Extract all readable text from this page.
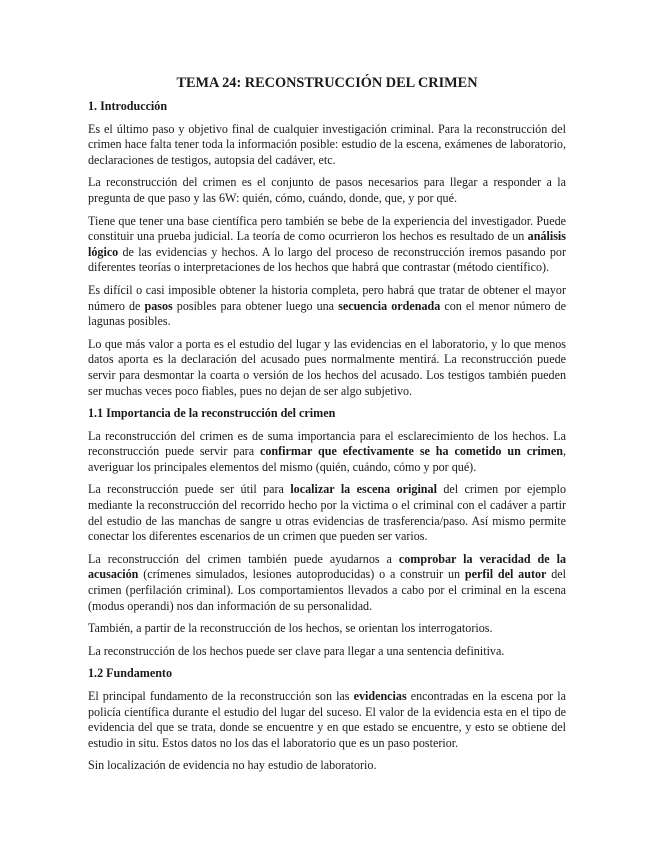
TEMA 24: RECONSTRUCCIÓN DEL CRIMEN
1. Introducción

Es el último paso y objetivo final de cualquier investigación criminal. Para la reconstrucción del crimen hace falta tener toda la información posible: estudio de la escena, exámenes de laboratorio, declaraciones de testigos, autopsia del cadáver, etc.

La reconstrucción del crimen es el conjunto de pasos necesarios para llegar a responder a la pregunta de que paso y las 6W: quién, cómo, cuándo, donde, que, y por qué.

Tiene que tener una base científica pero también se bebe de la experiencia del investigador. Puede constituir una prueba judicial. La teoría de como ocurrieron los hechos es resultado de un análisis lógico de las evidencias y hechos. A lo largo del proceso de reconstrucción iremos pasando por diferentes teorías o interpretaciones de los hechos que habrá que contrastar (método científico).

Es difícil o casi imposible obtener la historia completa, pero habrá que tratar de obtener el mayor número de pasos posibles para obtener luego una secuencia ordenada con el menor número de lagunas posibles.

Lo que más valor a porta es el estudio del lugar y las evidencias en el laboratorio, y lo que menos datos aporta es la declaración del acusado pues normalmente mentirá. La reconstrucción puede servir para desmontar la coarta o versión de los hechos del acusado. Los testigos también pueden ser muchas veces poco fiables, pues no dejan de ser algo subjetivo.

1.1 Importancia de la reconstrucción del crimen

La reconstrucción del crimen es de suma importancia para el esclarecimiento de los hechos. La reconstrucción puede servir para confirmar que efectivamente se ha cometido un crimen, averiguar los principales elementos del mismo (quién, cuándo, cómo y por qué).

La reconstrucción puede ser útil para localizar la escena original del crimen por ejemplo mediante la reconstrucción del recorrido hecho por la victima o el criminal con el cadáver a partir del estudio de las manchas de sangre u otras evidencias de trasferencia/paso. Así mismo permite conectar los diferentes escenarios de un crimen que pueden ser varios.

La reconstrucción del crimen también puede ayudarnos a comprobar la veracidad de la acusación (crímenes simulados, lesiones autoproducidas) o a construir un perfil del autor del crimen (perfilación criminal). Los comportamientos llevados a cabo por el criminal en la escena (modus operandi) nos dan información de su personalidad.

También, a partir de la reconstrucción de los hechos, se orientan los interrogatorios.

La reconstrucción de los hechos puede ser clave para llegar a una sentencia definitiva.

1.2 Fundamento

El principal fundamento de la reconstrucción son las evidencias encontradas en la escena por la policía científica durante el estudio del lugar del suceso. El valor de la evidencia esta en el tipo de evidencia del que se trata, donde se encuentre y en que estado se encuentre, y esto se obtiene del estudio in situ. Estos datos no los das el laboratorio que es un paso posterior.

Sin localización de evidencia no hay estudio de laboratorio.
